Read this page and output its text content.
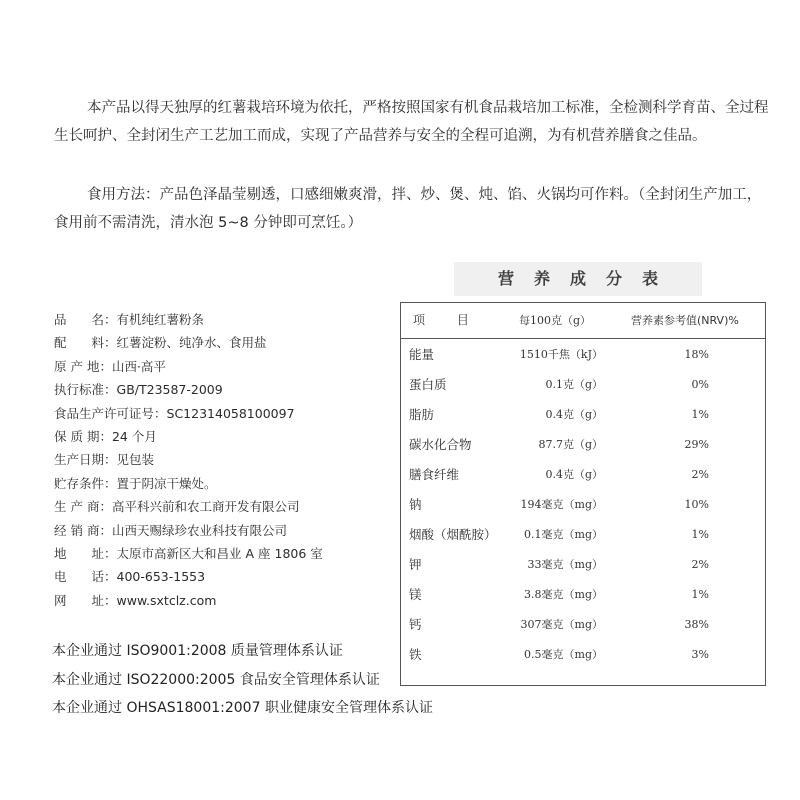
本产品以得天独厚的红薯栽培环境为依托，严格按照国家有机食品栽培加工标准，全检测科学育苗、全过程生长呵护、全封闭生产工艺加工而成，实现了产品营养与安全的全程可追溯，为有机营养膳食之佳品。

食用方法：产品色泽晶莹剔透，口感细嫩爽滑，拌、炒、煲、炖、馅、火锅均可作料。（全封闭生产加工，食用前不需清洗，清水泡 5~8 分钟即可烹饪。）

营养成分表
项 目	每100克（g）	营养素参考值(NRV)%
能量	1510千焦（kJ）	18%
蛋白质	0.1克（g）	0%
脂肪	0.4克（g）	1%
碳水化合物	87.7克（g）	29%
膳食纤维	0.4克（g）	2%
钠	194毫克（mg）	10%
烟酸（烟酰胺）	0.1毫克（mg）	1%
钾	33毫克（mg）	2%
镁	3.8毫克（mg）	1%
钙	307毫克（mg）	38%
铁	0.5毫克（mg）	3%
品　　名：有机纯红薯粉条
配　　料：红薯淀粉、纯净水、食用盐
原 产 地：山西·高平
执行标准：GB/T23587-2009
食品生产许可证号：SC12314058100097
保 质 期：24 个月
生产日期：见包装
贮存条件：置于阴凉干燥处。
生 产 商：高平科兴前和农工商开发有限公司
经 销 商：山西天赐绿珍农业科技有限公司
地　　址：太原市高新区大和昌业 A 座 1806 室
电　　话：400-653-1553
网　　址：www.sxtclz.com
本企业通过 ISO9001:2008 质量管理体系认证
本企业通过 ISO22000:2005 食品安全管理体系认证
本企业通过 OHSAS18001:2007 职业健康安全管理体系认证
